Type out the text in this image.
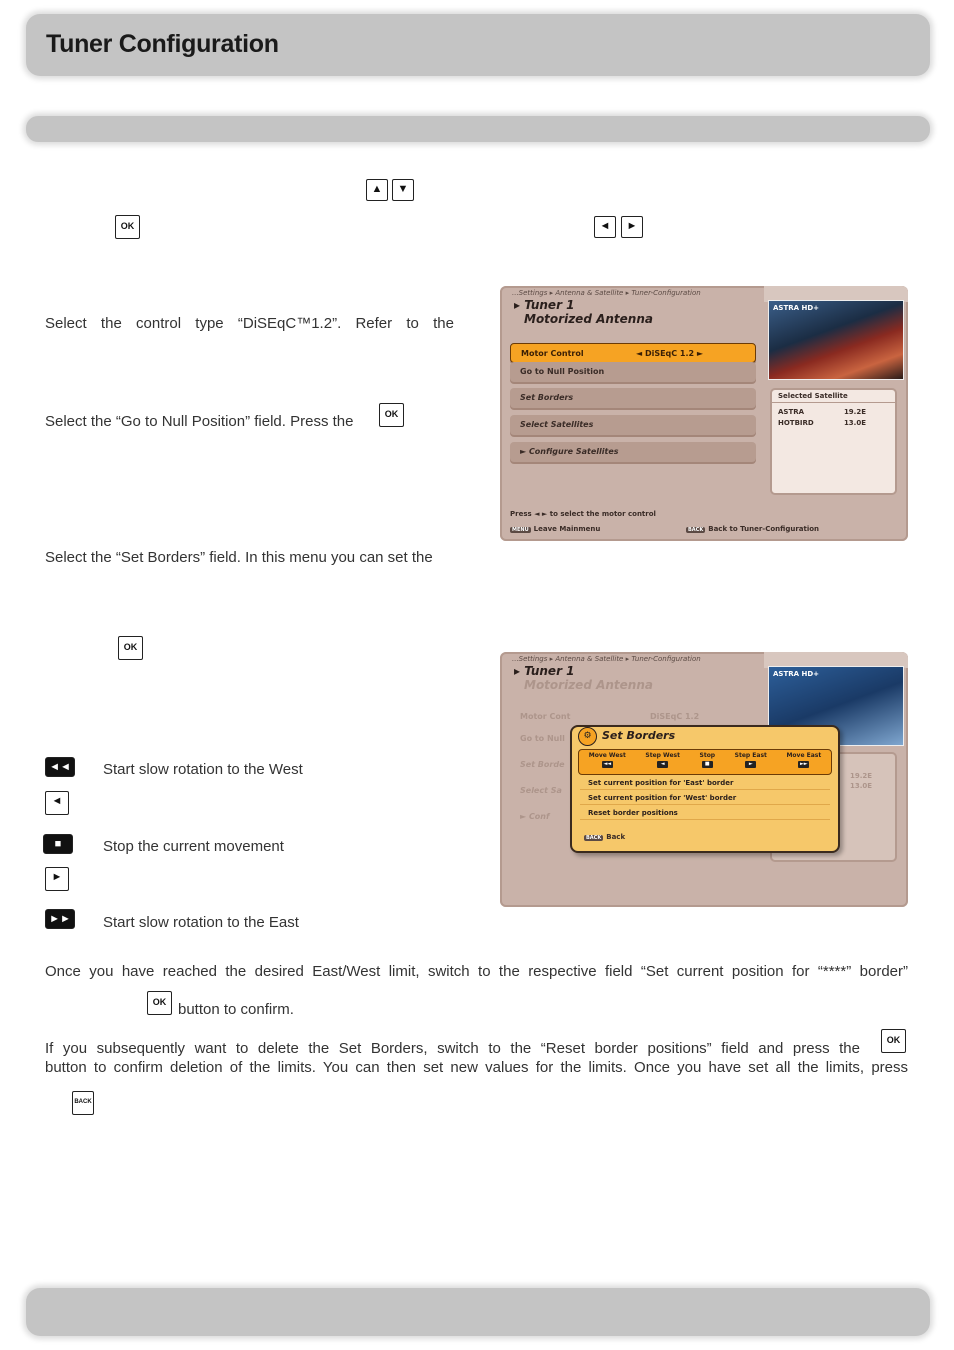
Tuner Configuration
▲	▼
OK	◄	►
Select the control type “DiSEqC™1.2”. Refer to the
Select the “Go to Null Position” field. Press the	OK
Select the “Set Borders” field. In this menu you can set the
OK
◄◄ Start slow rotation to the West
◄
■	Stop the current movement
►
►► Start slow rotation to the East
...Settings ▸ Antenna & Satellite ▸ Tuner-Configuration
▸ Tuner 1
Motorized Antenna
ASTRA HD+
Motor Control	◄ DiSEqC 1.2 ►
Go to Null Position
Set Borders
Select Satellites
► Configure Satellites
Selected Satellite
ASTRA	19.2E
HOTBIRD	13.0E
Press ◄ ► to select the motor control
MENU Leave Mainmenu	BACK Back to Tuner-Configuration
...Settings ▸ Antenna & Satellite ▸ Tuner-Configuration
▸ Tuner 1
Motorized Antenna
ASTRA HD+
Motor Cont	DiSEqC 1.2
Go to Null
Set Borde
Select Sa
► Conf
19.2E
13.0E
⚙ Set Borders
Move West
◄◄
Step West
◄
Stop
■
Step East
►
Move East
►►
Set current position for 'East' border
Set current position for 'West' border
Reset border positions
BACK Back
Once you have reached the desired East/West limit, switch to the respective field “Set current position for “****” border”
OK button to confirm.
If you subsequently want to delete the Set Borders, switch to the “Reset border positions” field and press the	OK
button to confirm deletion of the limits. You can then set new values for the limits. Once you have set all the limits, press
BACK
